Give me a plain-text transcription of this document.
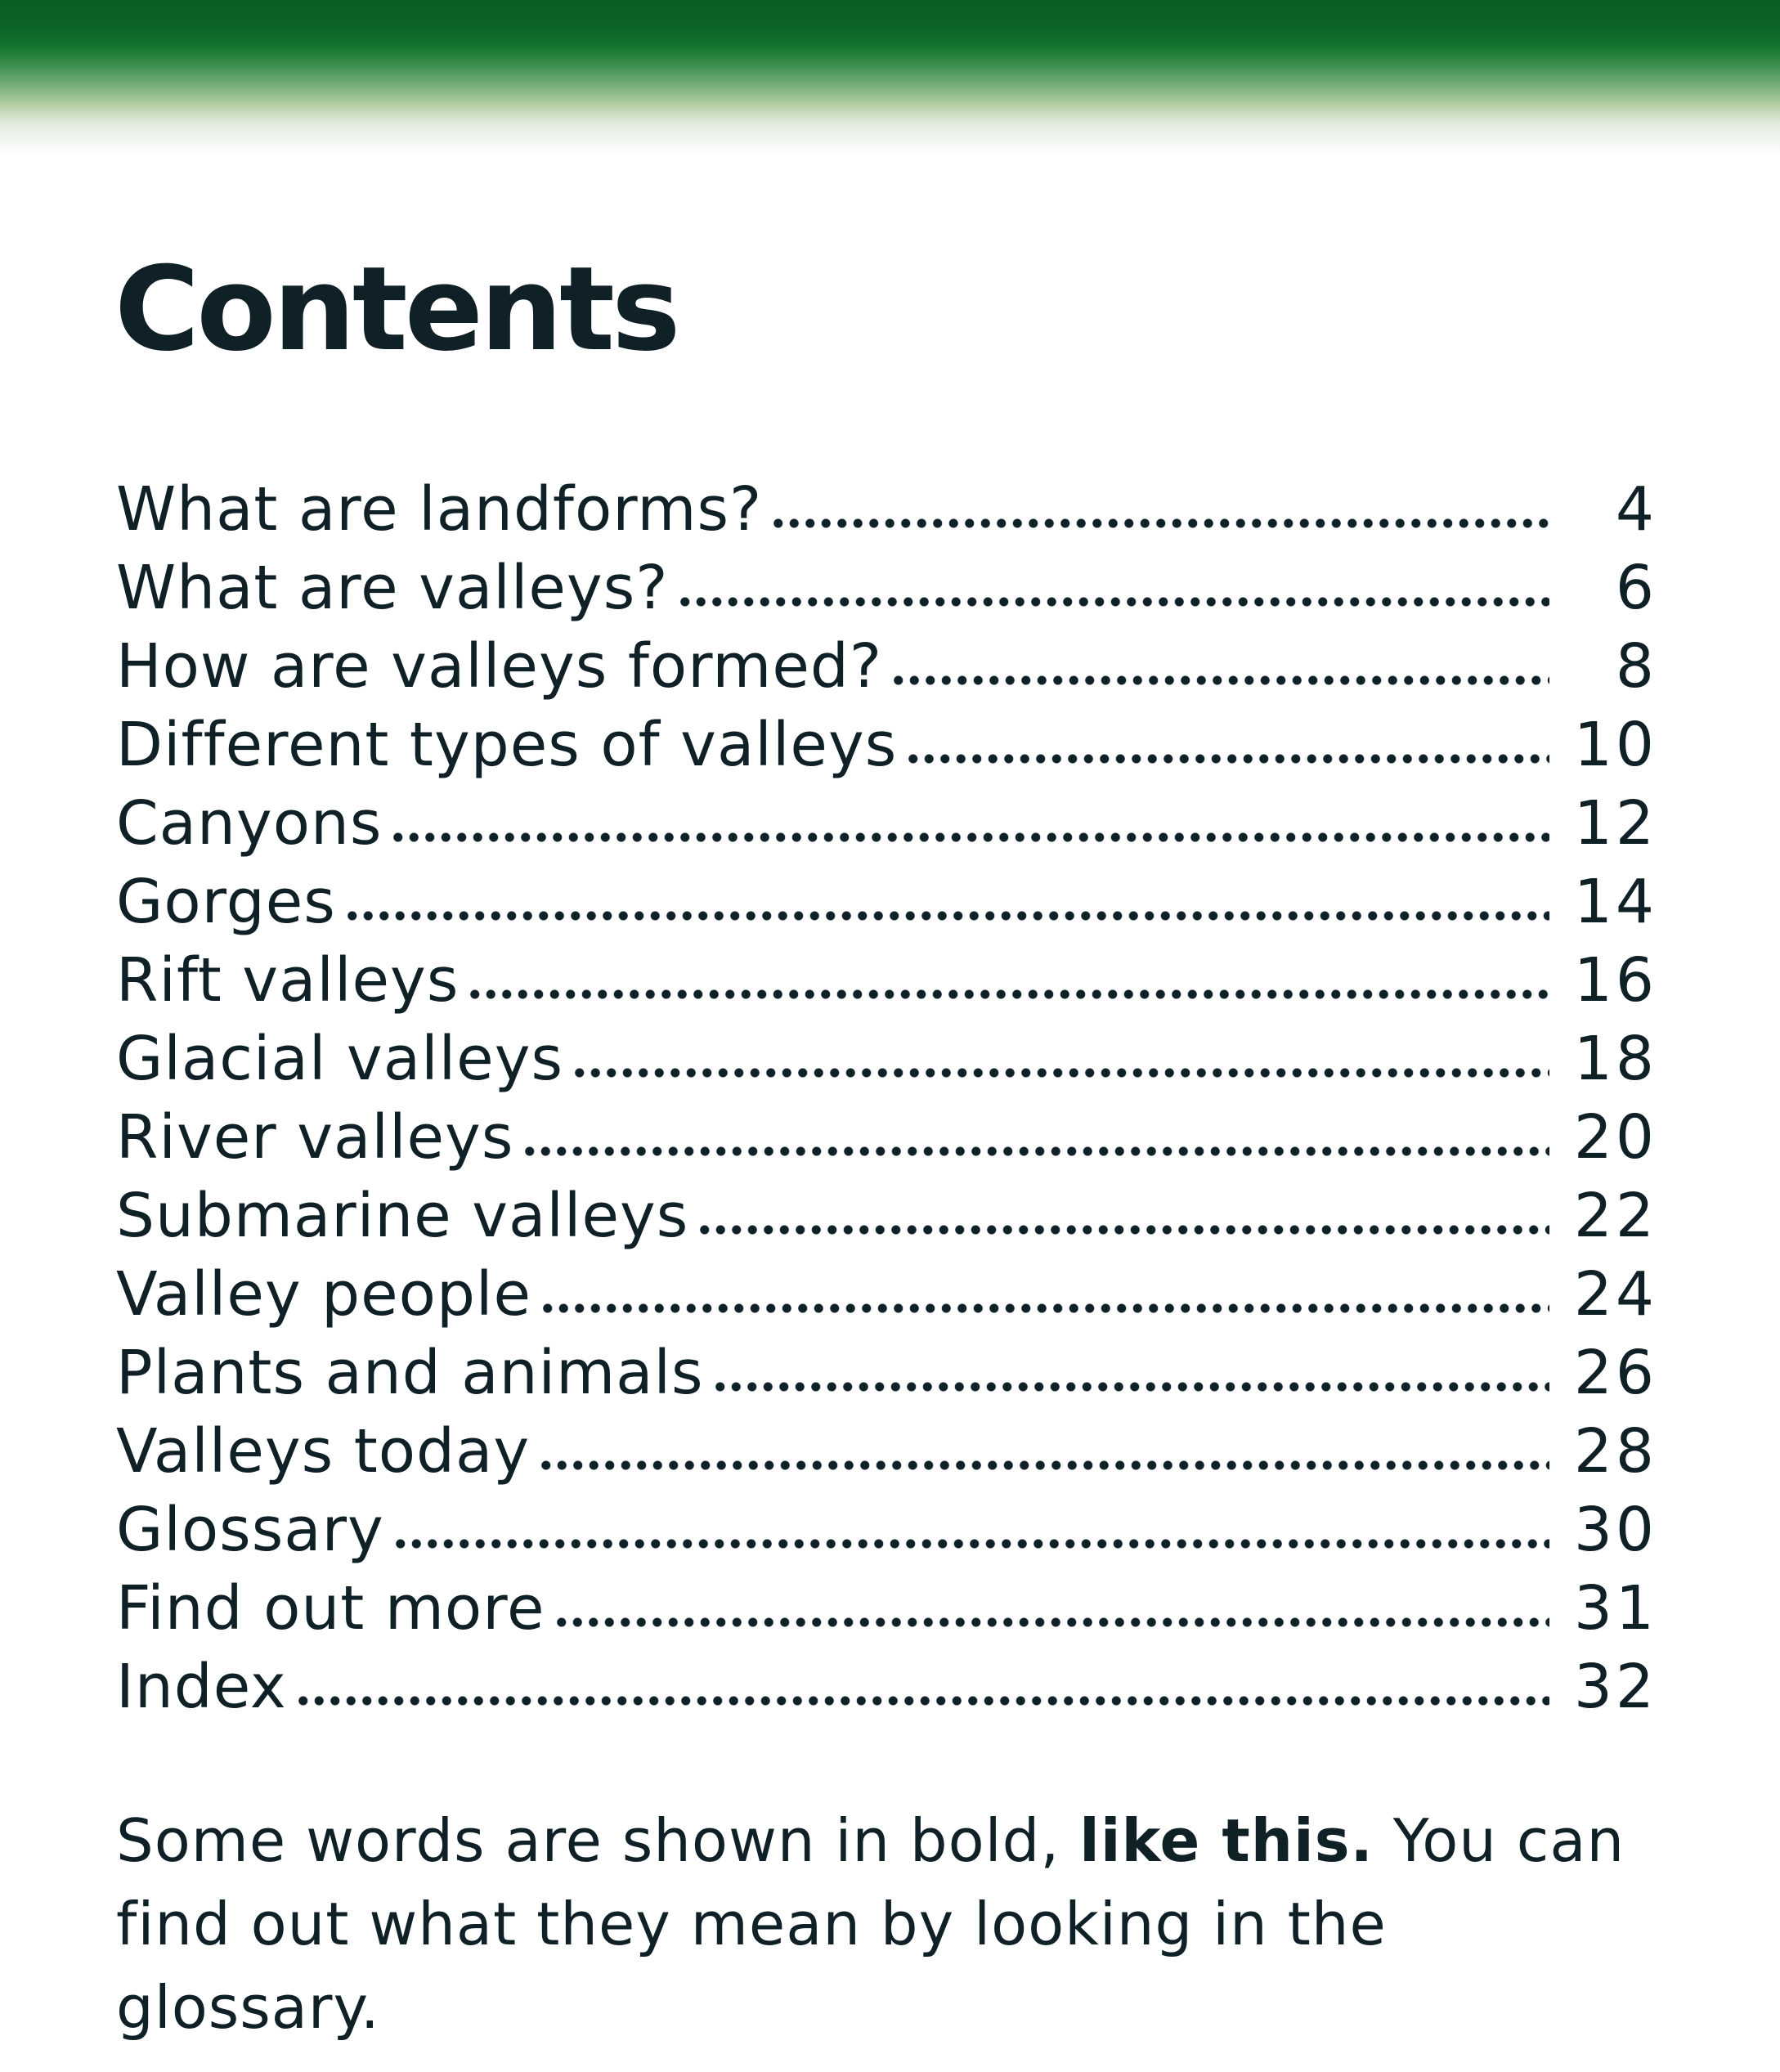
Contents
What are landforms?	4
What are valleys?	6
How are valleys formed?	8
Different types of valleys	10
Canyons	12
Gorges	14
Rift valleys	16
Glacial valleys	18
River valleys	20
Submarine valleys	22
Valley people	24
Plants and animals	26
Valleys today	28
Glossary	30
Find out more	31
Index	32

Some words are shown in bold, like this. You can find out what they mean by looking in the glossary.
